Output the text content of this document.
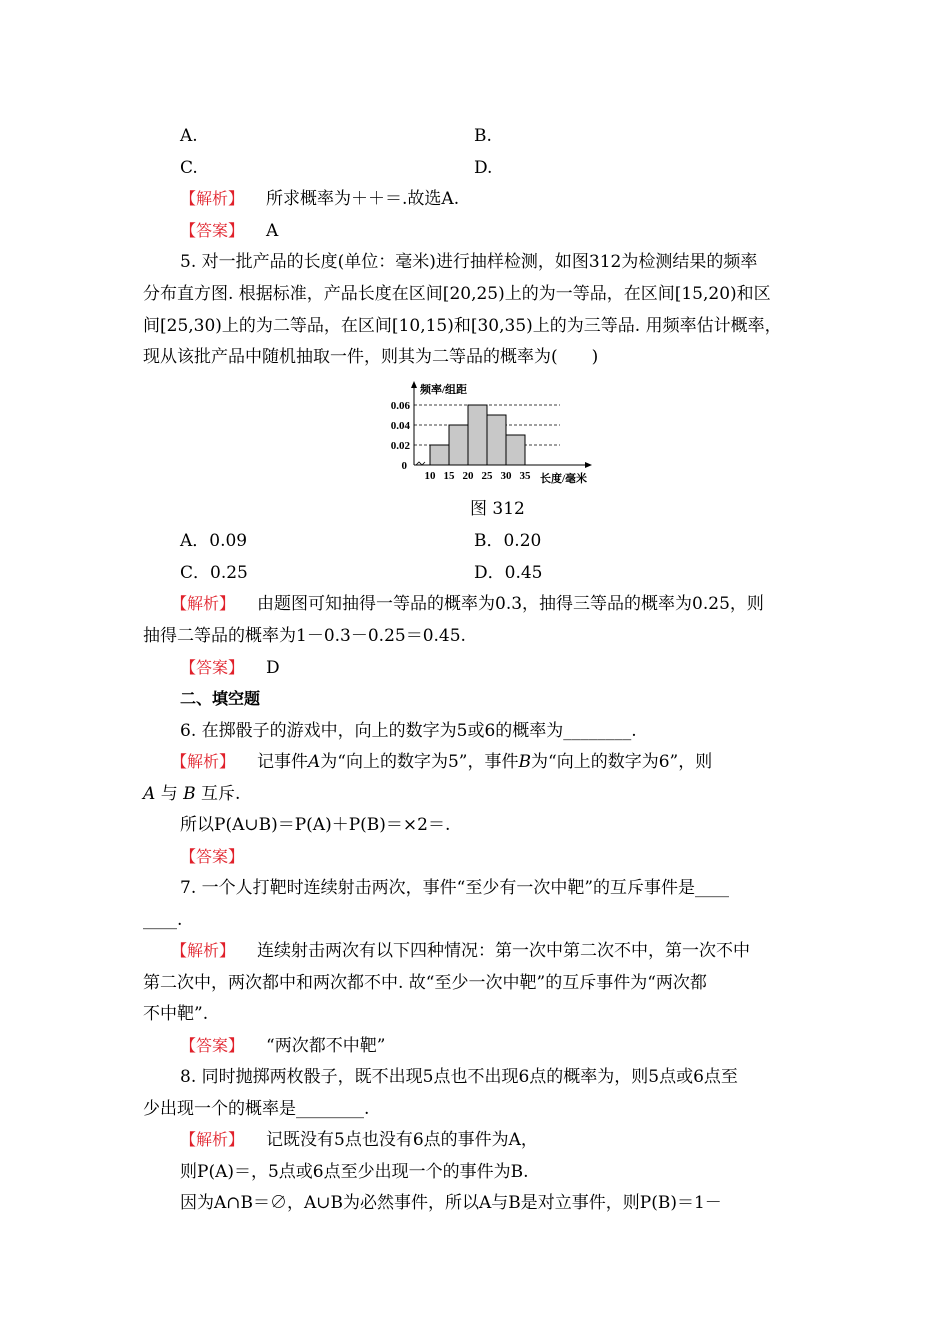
A.	B.
C.	D.
【解析】 所求概率为＋＋＝.故选A.
【答案】 A
5. 对一批产品的长度(单位：毫米)进行抽样检测，如图312为检测结果的频率
分布直方图. 根据标准，产品长度在区间[20,25)上的为一等品，在区间[15,20)和区
间[25,30)上的为二等品，在区间[10,15)和[30,35)上的为三等品. 用频率估计概率，
现从该批产品中随机抽取一件，则其为二等品的概率为(　　)
频率/组距
长度/毫米
0
0.06
0.04
0.02
10 15 20 25 30 35
图 312
A．0.09	B．0.20
C．0.25	D．0.45
【解析】 由题图可知抽得一等品的概率为0.3，抽得三等品的概率为0.25，则
抽得二等品的概率为1－0.3－0.25＝0.45.
【答案】 D
二、填空题
6. 在掷骰子的游戏中，向上的数字为5或6的概率为________.
【解析】 记事件A为“向上的数字为5”，事件B为“向上的数字为6”，则
A 与 B 互斥.
所以P(A∪B)＝P(A)＋P(B)＝×2＝.
【答案】
7. 一个人打靶时连续射击两次，事件“至少有一次中靶”的互斥事件是____
____.
【解析】 连续射击两次有以下四种情况：第一次中第二次不中，第一次不中
第二次中，两次都中和两次都不中. 故“至少一次中靶”的互斥事件为“两次都
不中靶”.
【答案】 “两次都不中靶”
8. 同时抛掷两枚骰子，既不出现5点也不出现6点的概率为，则5点或6点至
少出现一个的概率是________.
【解析】 记既没有5点也没有6点的事件为A，
则P(A)＝，5点或6点至少出现一个的事件为B.
因为A∩B＝∅，A∪B为必然事件，所以A与B是对立事件，则P(B)＝1－
